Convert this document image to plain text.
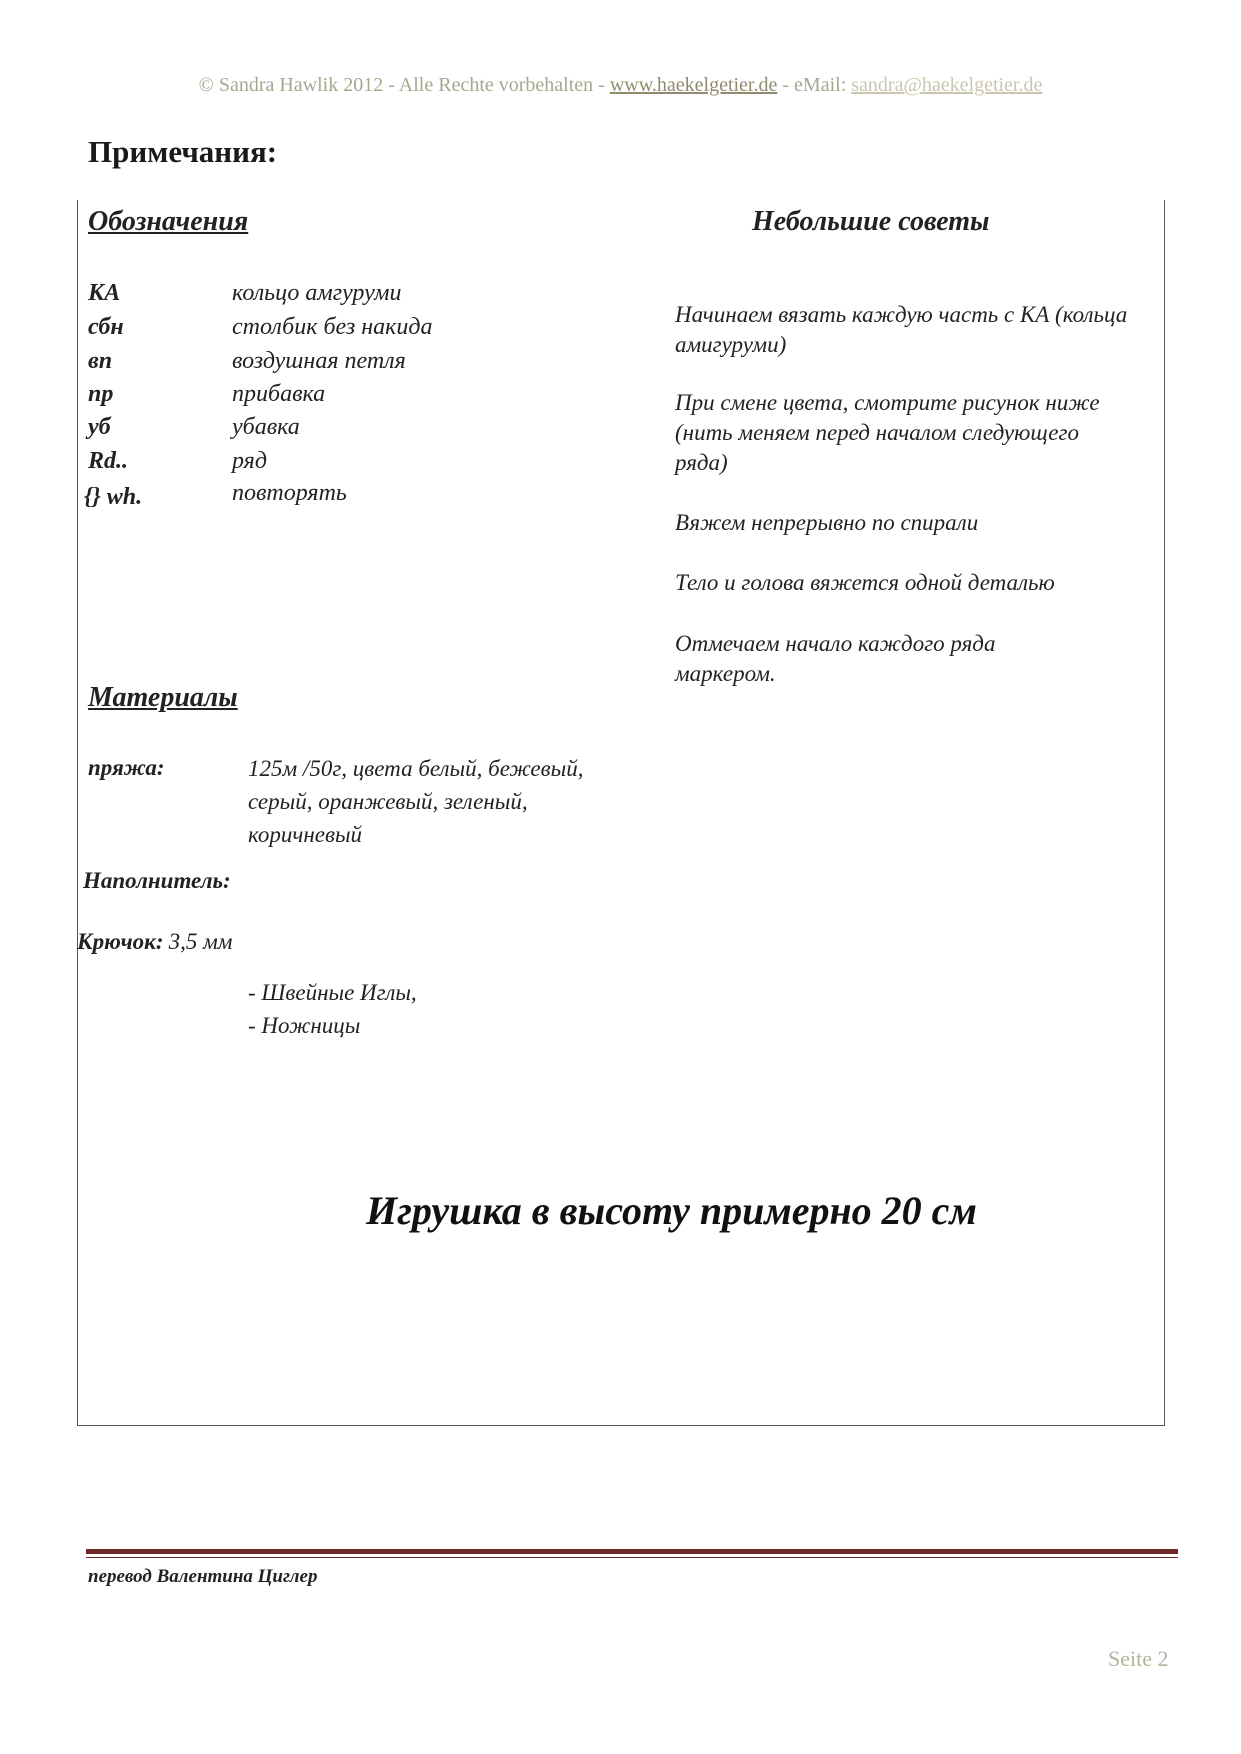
© Sandra Hawlik 2012 - Alle Rechte vorbehalten - www.haekelgetier.de - eMail: sandra@haekelgetier.de
Примечания:
Обозначения
КА	кольцо амгуруми
сбн	столбик без накида
вп	воздушная петля
пр	прибавка
уб	убавка
Rd..	ряд
{} wh.	повторять
Небольшие советы
Начинаем вязать каждую часть с КА (кольца амигуруми)
При смене цвета, смотрите рисунок ниже (нить меняем перед началом следующего ряда)
Вяжем непрерывно по спирали
Тело и голова вяжется одной деталью
Отмечаем начало каждого ряда маркером.
Материалы
пряжа:	125м /50г, цвета белый, бежевый,
серый, оранжевый, зеленый,
коричневый
Наполнитель:
Крючок: 3,5 мм
- Швейные Иглы,
- Ножницы
Игрушка в высоту примерно 20 см
перевод Валентина Циглер
Seite 2
